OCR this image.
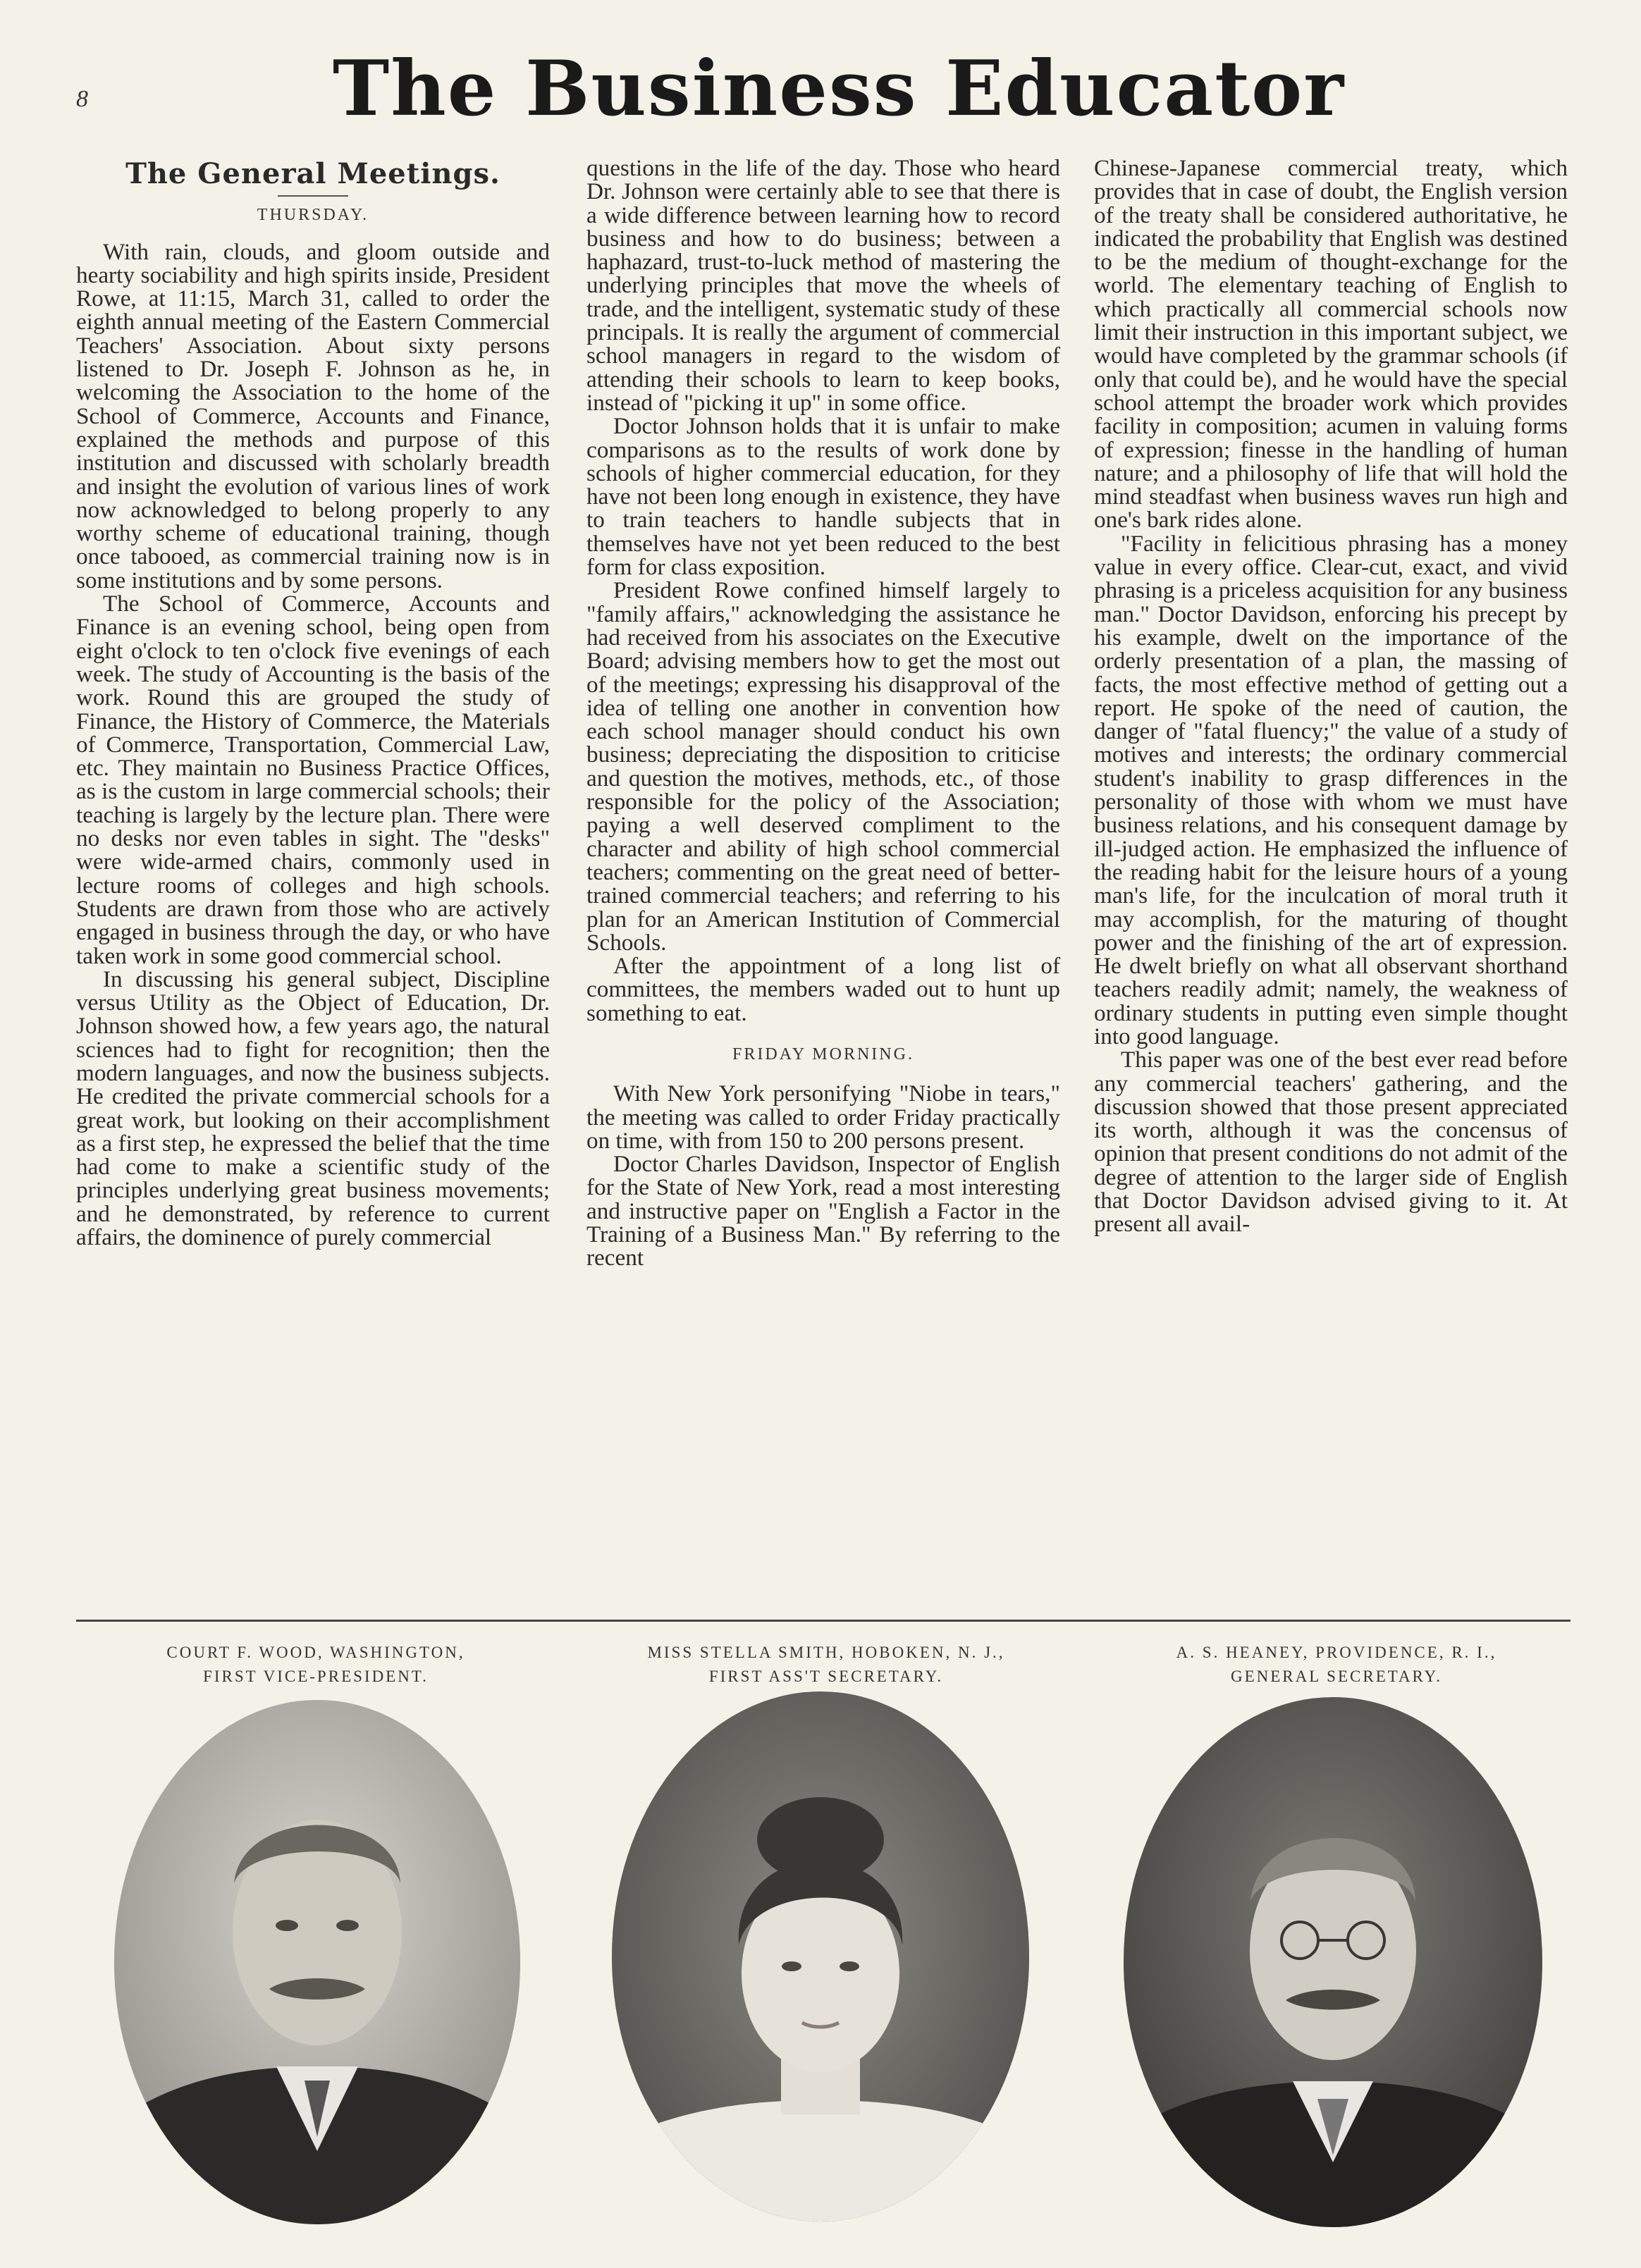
8	The Business Educator
The General Meetings.
THURSDAY.

With rain, clouds, and gloom outside and hearty sociability and high spirits inside, President Rowe, at 11:15, March 31, called to order the eighth annual meeting of the Eastern Commercial Teachers' Association. About sixty persons listened to Dr. Joseph F. Johnson as he, in welcoming the Association to the home of the School of Commerce, Accounts and Finance, explained the methods and purpose of this institution and discussed with scholarly breadth and insight the evolution of various lines of work now acknowledged to belong properly to any worthy scheme of educational training, though once tabooed, as commercial training now is in some institutions and by some persons.

The School of Commerce, Accounts and Finance is an evening school, being open from eight o'clock to ten o'clock five evenings of each week. The study of Accounting is the basis of the work. Round this are grouped the study of Finance, the History of Commerce, the Materials of Commerce, Transportation, Commercial Law, etc. They maintain no Business Practice Offices, as is the custom in large commercial schools; their teaching is largely by the lecture plan. There were no desks nor even tables in sight. The "desks" were wide-armed chairs, commonly used in lecture rooms of colleges and high schools. Students are drawn from those who are actively engaged in business through the day, or who have taken work in some good commercial school.

In discussing his general subject, Discipline versus Utility as the Object of Education, Dr. Johnson showed how, a few years ago, the natural sciences had to fight for recognition; then the modern languages, and now the business subjects. He credited the private commercial schools for a great work, but looking on their accomplishment as a first step, he expressed the belief that the time had come to make a scientific study of the principles underlying great business movements; and he demonstrated, by reference to current affairs, the dominence of purely commercial

questions in the life of the day. Those who heard Dr. Johnson were certainly able to see that there is a wide difference between learning how to record business and how to do business; between a haphazard, trust-to-luck method of mastering the underlying principles that move the wheels of trade, and the intelligent, systematic study of these principals. It is really the argument of commercial school managers in regard to the wisdom of attending their schools to learn to keep books, instead of "picking it up" in some office.

Doctor Johnson holds that it is unfair to make comparisons as to the results of work done by schools of higher commercial education, for they have not been long enough in existence, they have to train teachers to handle subjects that in themselves have not yet been reduced to the best form for class exposition.

President Rowe confined himself largely to "family affairs," acknowledging the assistance he had received from his associates on the Executive Board; advising members how to get the most out of the meetings; expressing his disapproval of the idea of telling one another in convention how each school manager should conduct his own business; depreciating the disposition to criticise and question the motives, methods, etc., of those responsible for the policy of the Association; paying a well deserved compliment to the character and ability of high school commercial teachers; commenting on the great need of better-trained commercial teachers; and referring to his plan for an American Institution of Commercial Schools.

After the appointment of a long list of committees, the members waded out to hunt up something to eat.

FRIDAY MORNING.

With New York personifying "Niobe in tears," the meeting was called to order Friday practically on time, with from 150 to 200 persons present.

Doctor Charles Davidson, Inspector of English for the State of New York, read a most interesting and instructive paper on "English a Factor in the Training of a Business Man." By referring to the recent

Chinese-Japanese commercial treaty, which provides that in case of doubt, the English version of the treaty shall be considered authoritative, he indicated the probability that English was destined to be the medium of thought-exchange for the world. The elementary teaching of English to which practically all commercial schools now limit their instruction in this important subject, we would have completed by the grammar schools (if only that could be), and he would have the special school attempt the broader work which provides facility in composition; acumen in valuing forms of expression; finesse in the handling of human nature; and a philosophy of life that will hold the mind steadfast when business waves run high and one's bark rides alone.

"Facility in felicitious phrasing has a money value in every office. Clear-cut, exact, and vivid phrasing is a priceless acquisition for any business man." Doctor Davidson, enforcing his precept by his example, dwelt on the importance of the orderly presentation of a plan, the massing of facts, the most effective method of getting out a report. He spoke of the need of caution, the danger of "fatal fluency;" the value of a study of motives and interests; the ordinary commercial student's inability to grasp differences in the personality of those with whom we must have business relations, and his consequent damage by ill-judged action. He emphasized the influence of the reading habit for the leisure hours of a young man's life, for the inculcation of moral truth it may accomplish, for the maturing of thought power and the finishing of the art of expression. He dwelt briefly on what all observant shorthand teachers readily admit; namely, the weakness of ordinary students in putting even simple thought into good language.

This paper was one of the best ever read before any commercial teachers' gathering, and the discussion showed that those present appreciated its worth, although it was the concensus of opinion that present conditions do not admit of the degree of attention to the larger side of English that Doctor Davidson advised giving to it. At present all avail-

COURT F. WOOD, WASHINGTON,
FIRST VICE-PRESIDENT.
MISS STELLA SMITH, HOBOKEN, N. J.,
FIRST ASS'T SECRETARY.
A. S. HEANEY, PROVIDENCE, R. I.,
GENERAL SECRETARY.
